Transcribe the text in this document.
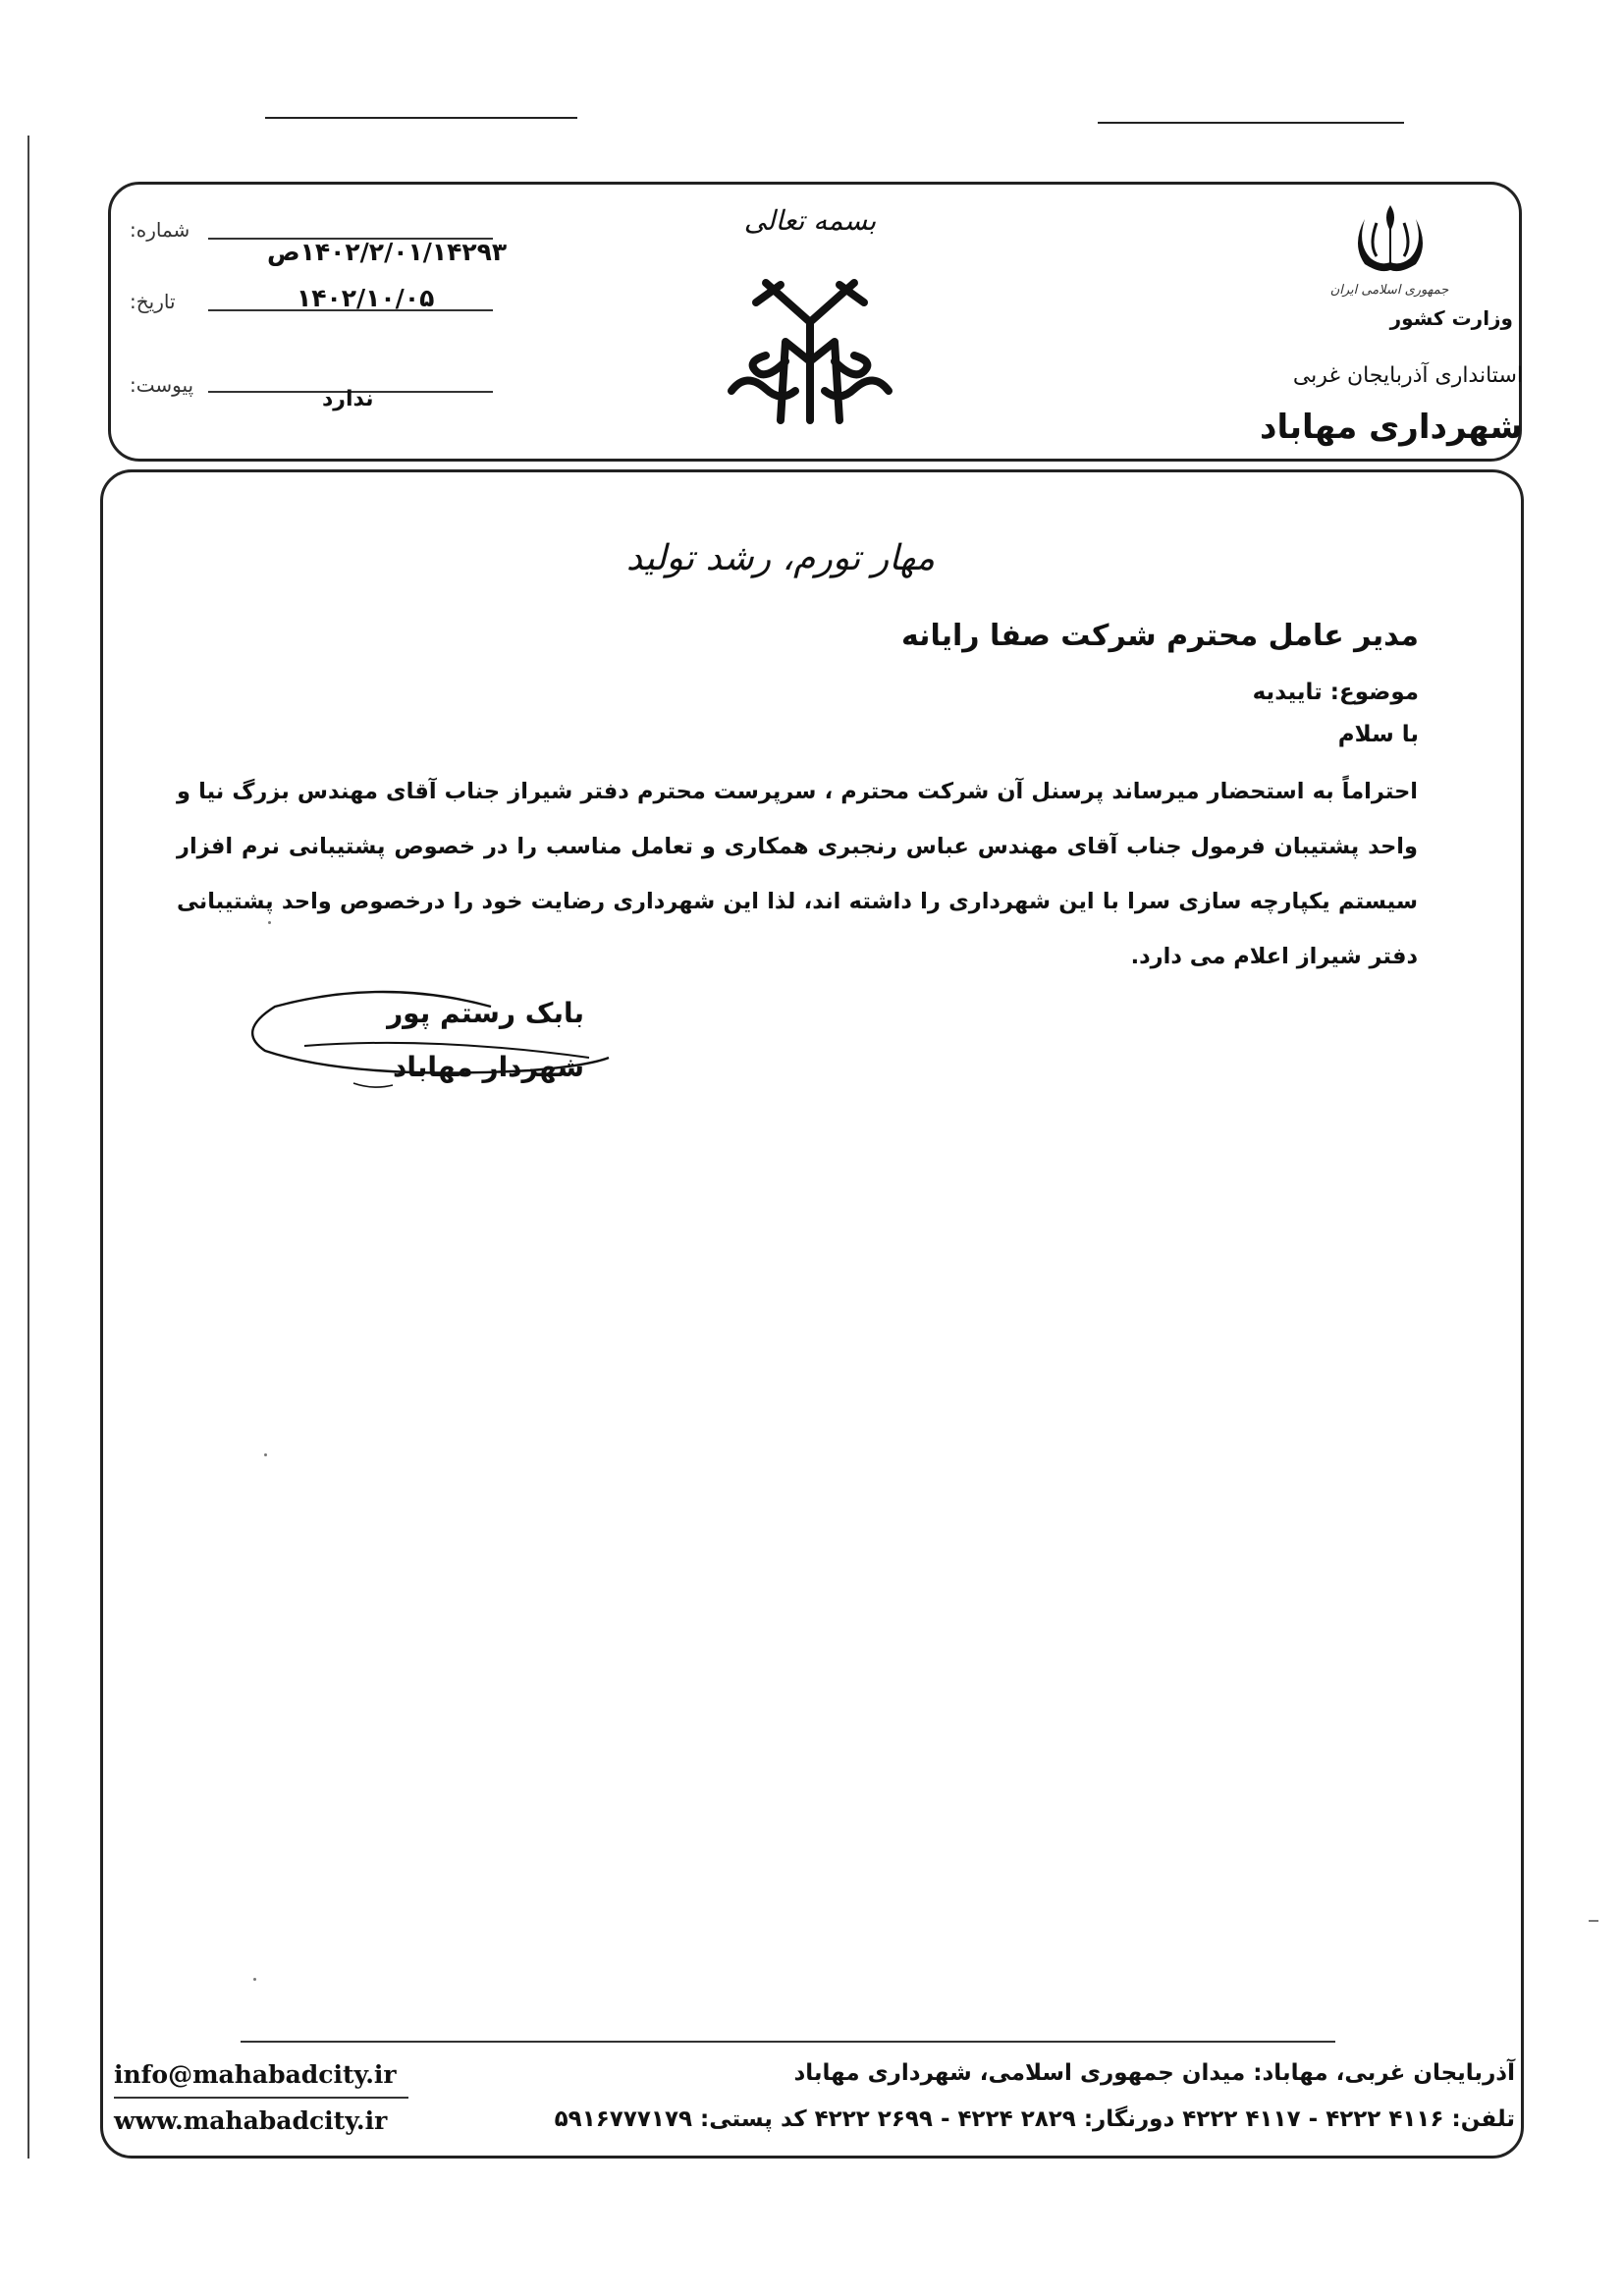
جمهوری اسلامی ایران
وزارت کشور
استانداری آذربایجان غربی
شهرداری مهاباد
بسمه تعالی
شماره:
۱۴۰۲/۲/۰۱/۱۴۲۹۳ص
تاریخ:	۱۴۰۲/۱۰/۰۵
پیوست:
ندارد
مهار تورم، رشد تولید
مدیر عامل محترم شرکت صفا رایانه
موضوع: تاییدیه
با سلام
احتراماً به استحضار میرساند پرسنل آن شرکت محترم ، سرپرست محترم دفتر شیراز جناب آقای مهندس بزرگ نیا و واحد پشتیبان فرمول جناب آقای مهندس عباس رنجبری همکاری و تعامل مناسب را در خصوص پشتیبانی نرم افزار سیستم یکپارچه سازی سرا با این شهرداری را داشته اند، لذا این شهرداری رضایت خود را درخصوص واحد پشتیبانی دفتر شیراز اعلام می دارد.
بابک رستم پور
شهردار مهاباد
آذربایجان غربی، مهاباد: میدان جمهوری اسلامی، شهرداری مهاباد
تلفن: ۴۱۱۶ ۴۲۲۲ - ۴۱۱۷ ۴۲۲۲ دورنگار: ۲۸۲۹ ۴۲۲۴ - ۲۶۹۹ ۴۲۲۲ کد پستی: ۵۹۱۶۷۷۷۱۷۹
info@mahabadcity.ir
www.mahabadcity.ir
